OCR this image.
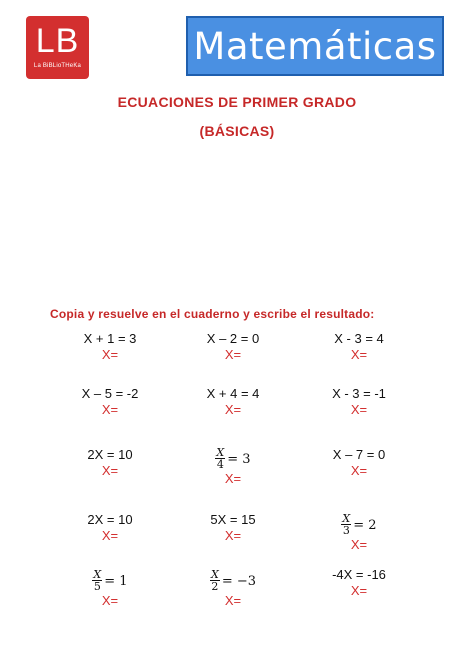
LB
La BiBLioTHeKa	Matemáticas
ECUACIONES DE PRIMER GRADO
(BÁSICAS)
Copia y resuelve en el cuaderno y escribe el resultado:
X + 1 = 3
X=
X – 2 = 0
X=
X - 3 = 4
X=
X – 5 = -2
X=
X + 4 = 4
X=
X - 3 = -1
X=
2X = 10
X=	$\frac{X}{4} = 3$
X=
X – 7 = 0
X=
2X = 10
X=
5X = 15
X=	$\frac{X}{3} = 2$
X=
$\frac{X}{5} = 1$
X=
$\frac{X}{2} = -3$
X=
-4X = -16
X=
